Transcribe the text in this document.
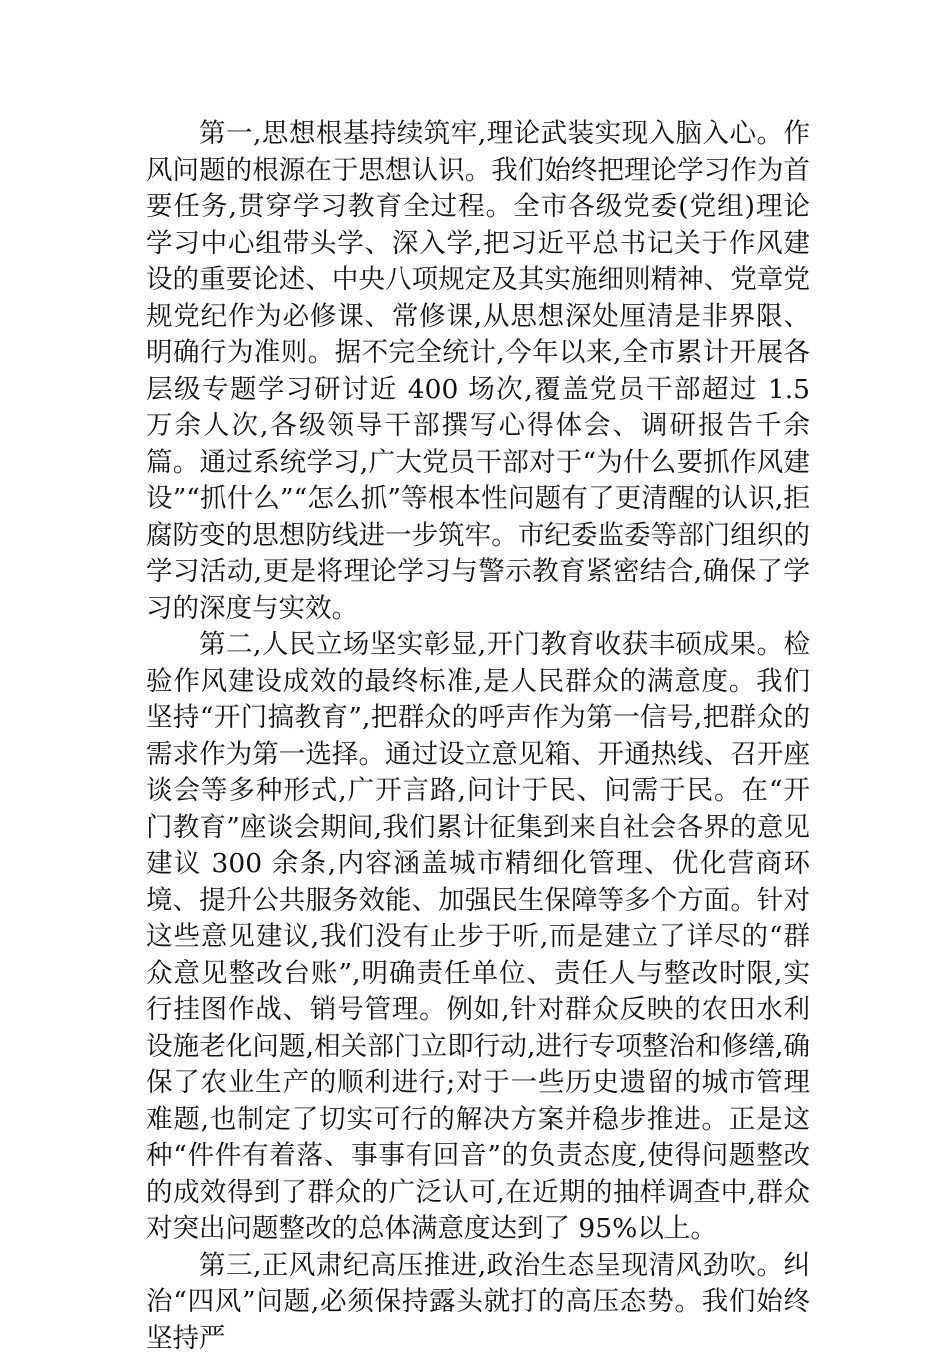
第一,思想根基持续筑牢,理论武装实现入脑入心。作风问题的根源在于思想认识。我们始终把理论学习作为首要任务,贯穿学习教育全过程。全市各级党委(党组)理论学习中心组带头学、深入学,把习近平总书记关于作风建设的重要论述、中央八项规定及其实施细则精神、党章党规党纪作为必修课、常修课,从思想深处厘清是非界限、明确行为准则。据不完全统计,今年以来,全市累计开展各层级专题学习研讨近 400 场次,覆盖党员干部超过 1.5 万余人次,各级领导干部撰写心得体会、调研报告千余篇。通过系统学习,广大党员干部对于“为什么要抓作风建设”“抓什么”“怎么抓”等根本性问题有了更清醒的认识,拒腐防变的思想防线进一步筑牢。市纪委监委等部门组织的学习活动,更是将理论学习与警示教育紧密结合,确保了学习的深度与实效。

第二,人民立场坚实彰显,开门教育收获丰硕成果。检验作风建设成效的最终标准,是人民群众的满意度。我们坚持“开门搞教育”,把群众的呼声作为第一信号,把群众的需求作为第一选择。通过设立意见箱、开通热线、召开座谈会等多种形式,广开言路,问计于民、问需于民。在“开门教育”座谈会期间,我们累计征集到来自社会各界的意见建议 300 余条,内容涵盖城市精细化管理、优化营商环境、提升公共服务效能、加强民生保障等多个方面。针对这些意见建议,我们没有止步于听,而是建立了详尽的“群众意见整改台账”,明确责任单位、责任人与整改时限,实行挂图作战、销号管理。例如,针对群众反映的农田水利设施老化问题,相关部门立即行动,进行专项整治和修缮,确保了农业生产的顺利进行;对于一些历史遗留的城市管理难题,也制定了切实可行的解决方案并稳步推进。正是这种“件件有着落、事事有回音”的负责态度,使得问题整改的成效得到了群众的广泛认可,在近期的抽样调查中,群众对突出问题整改的总体满意度达到了 95%以上。

第三,正风肃纪高压推进,政治生态呈现清风劲吹。纠治“四风”问题,必须保持露头就打的高压态势。我们始终坚持严
